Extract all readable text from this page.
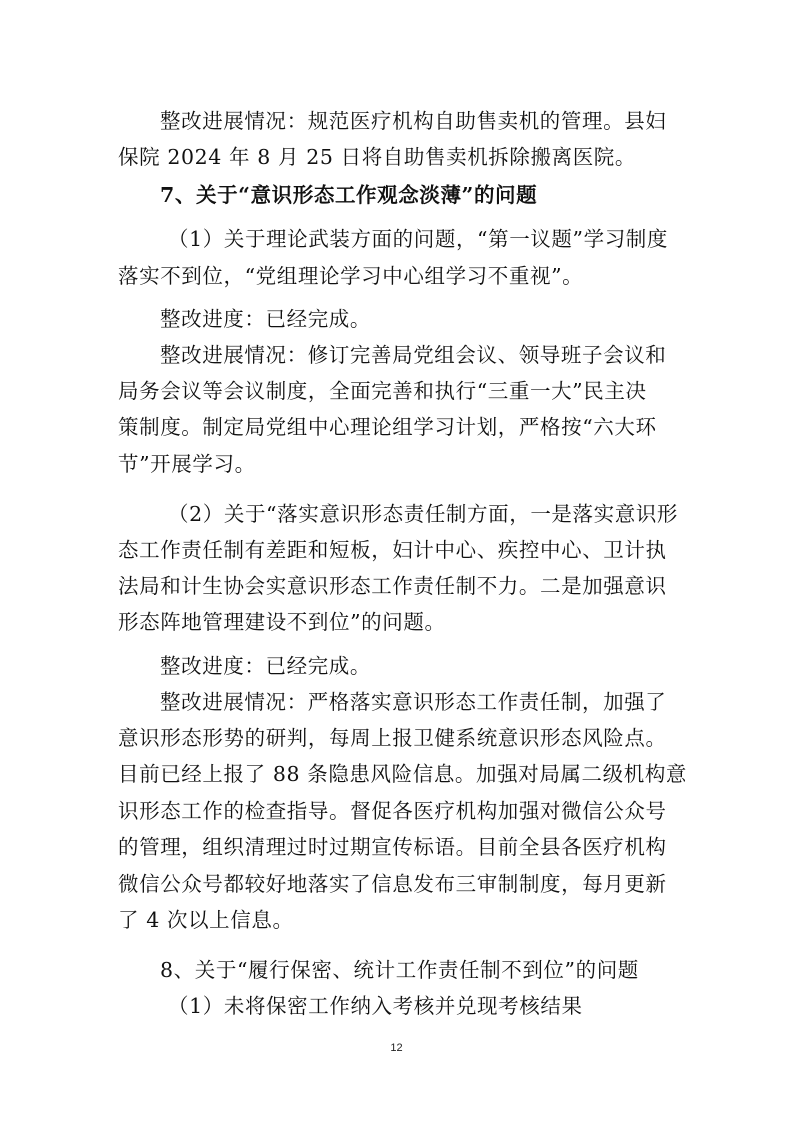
整改进展情况：规范医疗机构自助售卖机的管理。县妇
保院 2024 年 8 月 25 日将自助售卖机拆除搬离医院。
7、关于“意识形态工作观念淡薄”的问题
（1）关于理论武装方面的问题，“第一议题”学习制度
落实不到位，“党组理论学习中心组学习不重视”。
整改进度：已经完成。
整改进展情况：修订完善局党组会议、领导班子会议和
局务会议等会议制度，全面完善和执行“三重一大”民主决
策制度。制定局党组中心理论组学习计划，严格按“六大环
节”开展学习。
（2）关于“落实意识形态责任制方面，一是落实意识形
态工作责任制有差距和短板，妇计中心、疾控中心、卫计执
法局和计生协会实意识形态工作责任制不力。二是加强意识
形态阵地管理建设不到位”的问题。
整改进度：已经完成。
整改进展情况：严格落实意识形态工作责任制，加强了
意识形态形势的研判，每周上报卫健系统意识形态风险点。
目前已经上报了 88 条隐患风险信息。加强对局属二级机构意
识形态工作的检查指导。督促各医疗机构加强对微信公众号
的管理，组织清理过时过期宣传标语。目前全县各医疗机构
微信公众号都较好地落实了信息发布三审制制度，每月更新
了 4 次以上信息。
8、关于“履行保密、统计工作责任制不到位”的问题
（1）未将保密工作纳入考核并兑现考核结果
12
